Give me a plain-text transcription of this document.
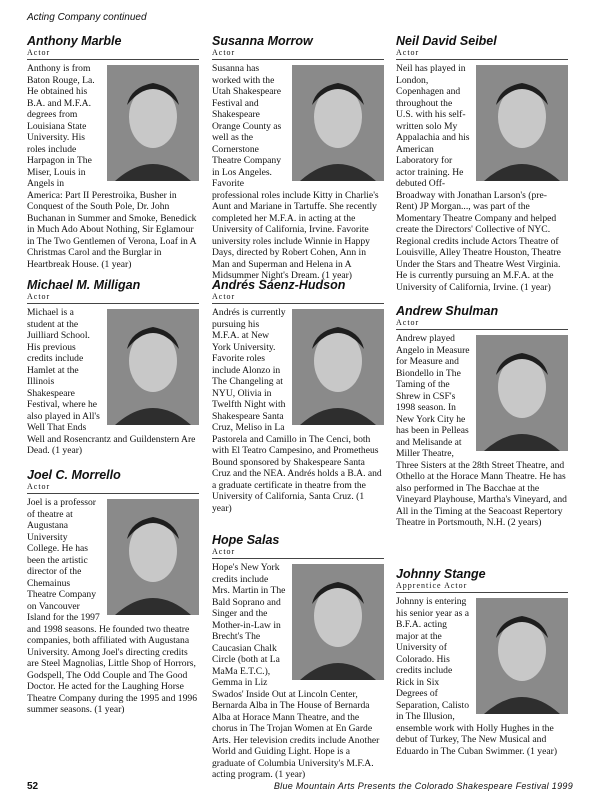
Acting Company continued
Anthony Marble
Actor

Anthony is from Baton Rouge, La. He obtained his B.A. and M.F.A. degrees from Louisiana State University. His roles include Harpagon in The Miser, Louis in Angels in America: Part II Perestroika, Busher in Conquest of the South Pole, Dr. John Buchanan in Summer and Smoke, Benedick in Much Ado About Nothing, Sir Eglamour in The Two Gentlemen of Verona, Loaf in A Christmas Carol and the Burglar in Heartbreak House. (1 year)

Michael M. Milligan
Actor

Michael is a student at the Juilliard School. His previous credits include Hamlet at the Illinois Shakespeare Festival, where he also played in All's Well That Ends Well and Rosencrantz and Guildenstern Are Dead. (1 year)

Joel C. Morrello
Actor

Joel is a professor of theatre at Augustana University College. He has been the artistic director of the Chemainus Theatre Company on Vancouver Island for the 1997 and 1998 seasons. He founded two theatre companies, both affiliated with Augustana University. Among Joel's directing credits are Steel Magnolias, Little Shop of Horrors, Godspell, The Odd Couple and The Good Doctor. He acted for the Laughing Horse Theatre Company during the 1995 and 1996 summer seasons. (1 year)

Susanna Morrow
Actor

Susanna has worked with the Utah Shakespeare Festival and Shakespeare Orange County as well as the Cornerstone Theatre Company in Los Angeles. Favorite professional roles include Kitty in Charlie's Aunt and Mariane in Tartuffe. She recently completed her M.F.A. in acting at the University of California, Irvine. Favorite university roles include Winnie in Happy Days, directed by Robert Cohen, Ann in Man and Superman and Helena in A Midsummer Night's Dream. (1 year)

Andrés Sáenz-Hudson
Actor

Andrés is currently pursuing his M.F.A. at New York University. Favorite roles include Alonzo in The Changeling at NYU, Olivia in Twelfth Night with Shakespeare Santa Cruz, Meliso in La Pastorela and Camillo in The Cenci, both with El Teatro Campesino, and Prometheus Bound sponsored by Shakespeare Santa Cruz and the NEA. Andrés holds a B.A. and a graduate certificate in theatre from the University of California, Santa Cruz. (1 year)

Hope Salas
Actor

Hope's New York credits include Mrs. Martin in The Bald Soprano and Singer and the Mother-in-Law in Brecht's The Caucasian Chalk Circle (both at La MaMa E.T.C.), Gemma in Liz Swados' Inside Out at Lincoln Center, Bernarda Alba in The House of Bernarda Alba at Horace Mann Theatre, and the chorus in The Trojan Women at En Garde Arts. Her television credits include Another World and Guiding Light. Hope is a graduate of Columbia University's M.F.A. acting program. (1 year)

Neil David Seibel
Actor

Neil has played in London, Copenhagen and throughout the U.S. with his self-written solo My Appalachia and his American Laboratory for actor training. He debuted Off-Broadway with Jonathan Larson's (pre-Rent) JP Morgan..., was part of the Momentary Theatre Company and helped create the Directors' Collective of NYC. Regional credits include Actors Theatre of Louisville, Alley Theatre Houston, Theatre Under the Stars and Theatre West Virginia. He is currently pursuing an M.F.A. at the University of California, Irvine. (1 year)

Andrew Shulman
Actor

Andrew played Angelo in Measure for Measure and Biondello in The Taming of the Shrew in CSF's 1998 season. In New York City he has been in Pelleas and Melisande at Miller Theatre, Three Sisters at the 28th Street Theatre, and Othello at the Horace Mann Theatre. He has also performed in The Bacchae at the Vineyard Playhouse, Martha's Vineyard, and All in the Timing at the Seacoast Repertory Theatre in Portsmouth, N.H. (2 years)

Johnny Stange
Apprentice Actor

Johnny is entering his senior year as a B.F.A. acting major at the University of Colorado. His credits include Rick in Six Degrees of Separation, Calisto in The Illusion, ensemble work with Holly Hughes in the debut of Turkey, The New Musical and Eduardo in The Cuban Swimmer. (1 year)

52	Blue Mountain Arts Presents the Colorado Shakespeare Festival 1999
